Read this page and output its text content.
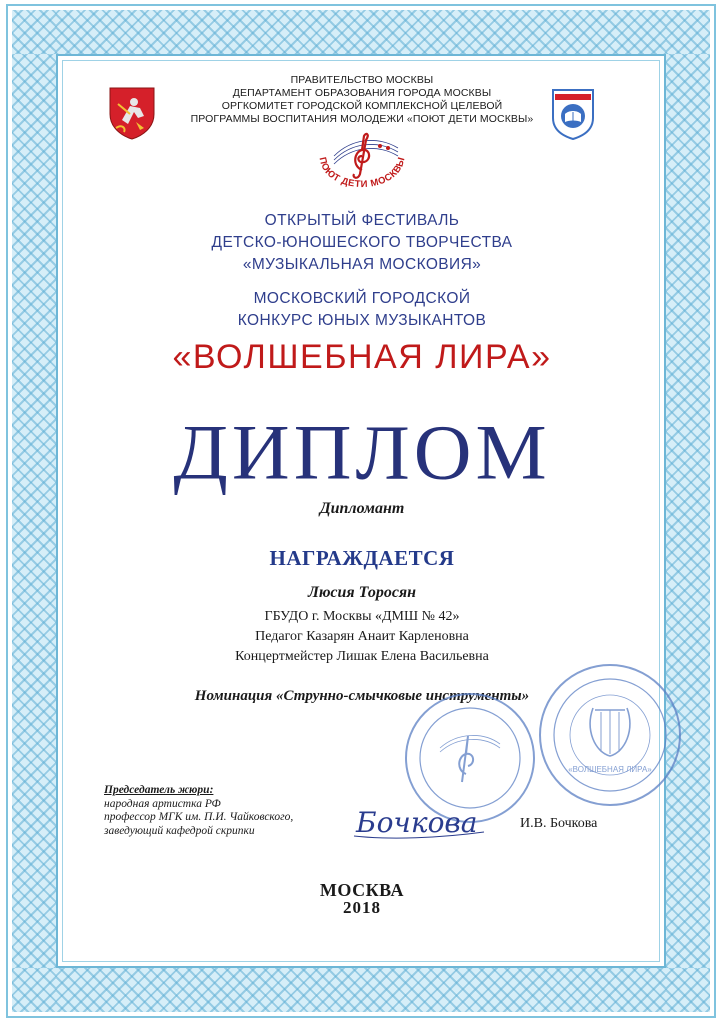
ПРАВИТЕЛЬСТВО МОСКВЫ
ДЕПАРТАМЕНТ ОБРАЗОВАНИЯ ГОРОДА МОСКВЫ
ОРГКОМИТЕТ ГОРОДСКОЙ КОМПЛЕКСНОЙ ЦЕЛЕВОЙ
ПРОГРАММЫ ВОСПИТАНИЯ МОЛОДЕЖИ «ПОЮТ ДЕТИ МОСКВЫ»
ПОЮТ ДЕТИ МОСКВЫ
ОТКРЫТЫЙ ФЕСТИВАЛЬ
ДЕТСКО-ЮНОШЕСКОГО ТВОРЧЕСТВА
«МУЗЫКАЛЬНАЯ МОСКОВИЯ»
МОСКОВСКИЙ ГОРОДСКОЙ
КОНКУРС ЮНЫХ МУЗЫКАНТОВ
«ВОЛШЕБНАЯ ЛИРА»
ДИПЛОМ
Дипломант
НАГРАЖДАЕТСЯ
Люсия Торосян
ГБУДО г. Москвы «ДМШ № 42»
Педагог Казарян Анаит Карленовна
Концертмейстер Лишак Елена Васильевна
Номинация «Струнно-смычковые инструменты»
«ВОЛШЕБНАЯ ЛИРА»
Председатель жюри:
народная артистка РФ
профессор МГК им. П.И. Чайковского,
заведующий кафедрой скрипки	Бочкова	И.В. Бочкова
МОСКВА
2018
